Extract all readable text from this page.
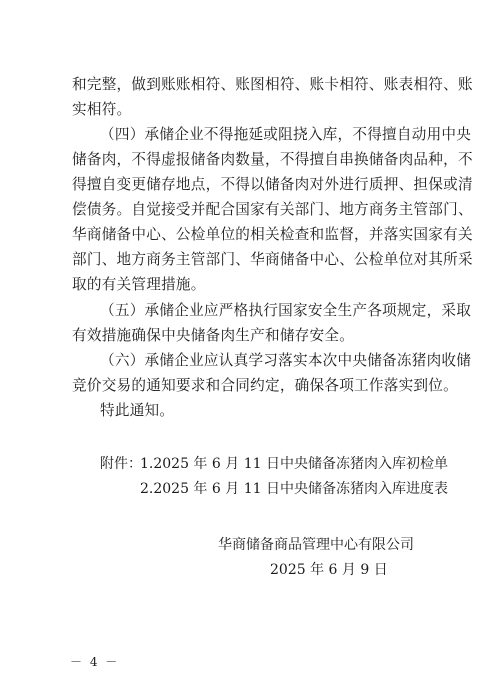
和完整，做到账账相符、账图相符、账卡相符、账表相符、账
实相符。
（四）承储企业不得拖延或阻挠入库，不得擅自动用中央
储备肉，不得虚报储备肉数量，不得擅自串换储备肉品种，不
得擅自变更储存地点，不得以储备肉对外进行质押、担保或清
偿债务。自觉接受并配合国家有关部门、地方商务主管部门、
华商储备中心、公检单位的相关检查和监督，并落实国家有关
部门、地方商务主管部门、华商储备中心、公检单位对其所采
取的有关管理措施。
（五）承储企业应严格执行国家安全生产各项规定，采取
有效措施确保中央储备肉生产和储存安全。
（六）承储企业应认真学习落实本次中央储备冻猪肉收储
竞价交易的通知要求和合同约定，确保各项工作落实到位。
特此通知。
附件：
1.2025 年 6 月 11 日中央储备冻猪肉入库初检单
2.2025 年 6 月 11 日中央储备冻猪肉入库进度表
华商储备商品管理中心有限公司
2025 年 6 月 9 日
－ 4 －
